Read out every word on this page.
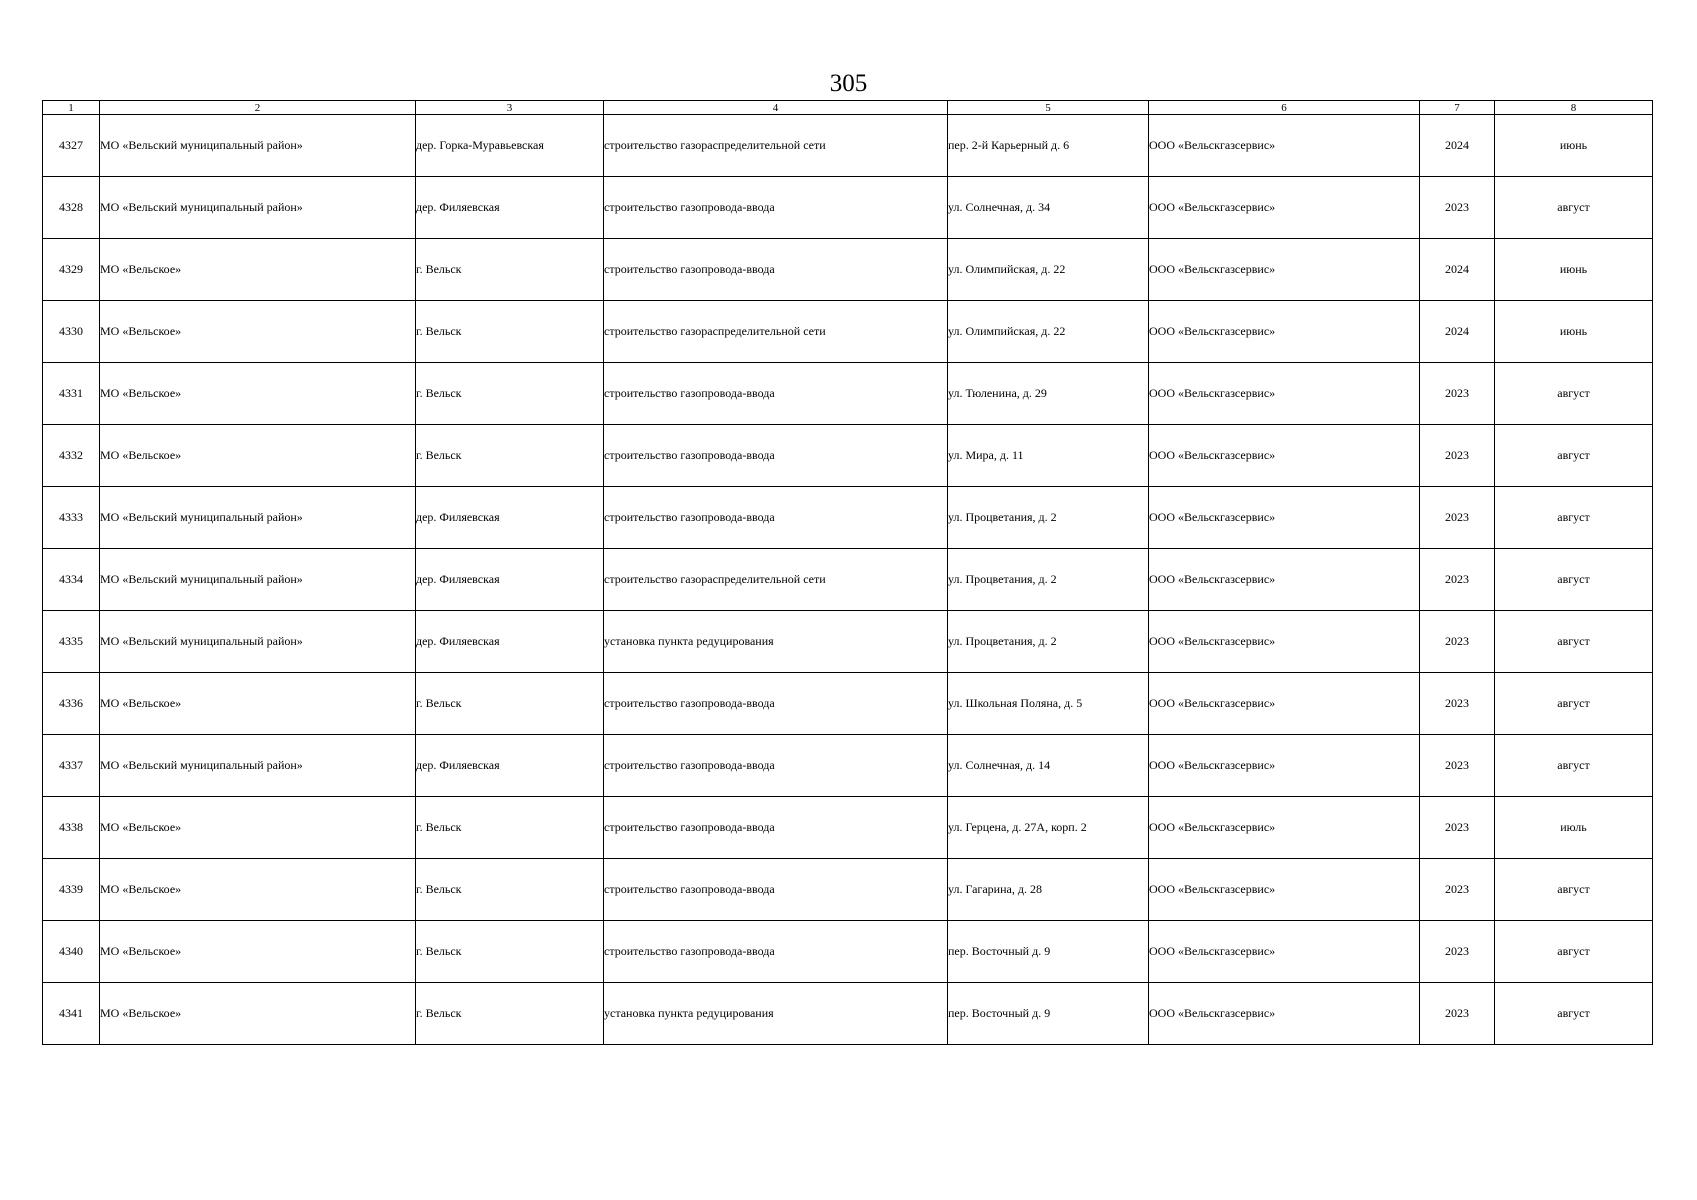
305
1	2	3	4	5	6	7	8
4327	МО «Вельский муниципальный район»	дер. Горка-Муравьевская	строительство газораспределительной сети	пер. 2-й Карьерный д. 6	ООО «Вельскгазсервис»	2024	июнь
4328	МО «Вельский муниципальный район»	дер. Филяевская	строительство газопровода-ввода	ул. Солнечная, д. 34	ООО «Вельскгазсервис»	2023	август
4329	МО «Вельское»	г. Вельск	строительство газопровода-ввода	ул. Олимпийская, д. 22	ООО «Вельскгазсервис»	2024	июнь
4330	МО «Вельское»	г. Вельск	строительство газораспределительной сети	ул. Олимпийская, д. 22	ООО «Вельскгазсервис»	2024	июнь
4331	МО «Вельское»	г. Вельск	строительство газопровода-ввода	ул. Тюленина, д. 29	ООО «Вельскгазсервис»	2023	август
4332	МО «Вельское»	г. Вельск	строительство газопровода-ввода	ул. Мира, д. 11	ООО «Вельскгазсервис»	2023	август
4333	МО «Вельский муниципальный район»	дер. Филяевская	строительство газопровода-ввода	ул. Процветания, д. 2	ООО «Вельскгазсервис»	2023	август
4334	МО «Вельский муниципальный район»	дер. Филяевская	строительство газораспределительной сети	ул. Процветания, д. 2	ООО «Вельскгазсервис»	2023	август
4335	МО «Вельский муниципальный район»	дер. Филяевская	установка пункта редуцирования	ул. Процветания, д. 2	ООО «Вельскгазсервис»	2023	август
4336	МО «Вельское»	г. Вельск	строительство газопровода-ввода	ул. Школьная Поляна, д. 5	ООО «Вельскгазсервис»	2023	август
4337	МО «Вельский муниципальный район»	дер. Филяевская	строительство газопровода-ввода	ул. Солнечная, д. 14	ООО «Вельскгазсервис»	2023	август
4338	МО «Вельское»	г. Вельск	строительство газопровода-ввода	ул. Герцена, д. 27А, корп. 2	ООО «Вельскгазсервис»	2023	июль
4339	МО «Вельское»	г. Вельск	строительство газопровода-ввода	ул. Гагарина, д. 28	ООО «Вельскгазсервис»	2023	август
4340	МО «Вельское»	г. Вельск	строительство газопровода-ввода	пер. Восточный д. 9	ООО «Вельскгазсервис»	2023	август
4341	МО «Вельское»	г. Вельск	установка пункта редуцирования	пер. Восточный д. 9	ООО «Вельскгазсервис»	2023	август
